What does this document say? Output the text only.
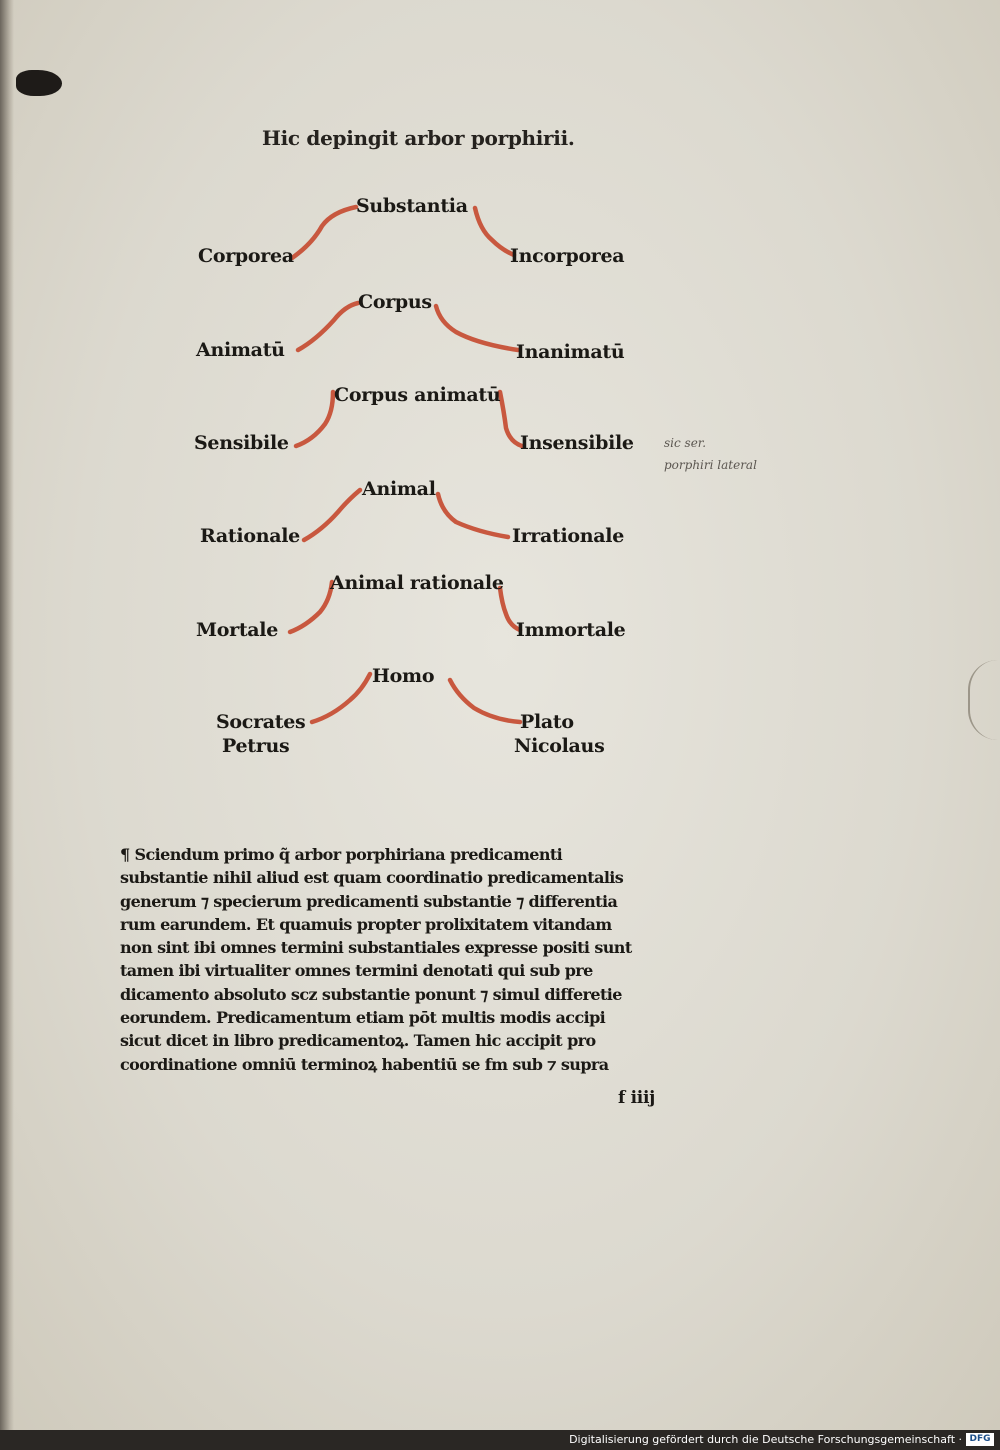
Hic depingit arbor porphirii.
Substantia
Corporea	Incorporea
Corpus
Animatū	Inanimatū
Corpus animatū
Sensibile	Insensibile
Animal
Rationale	Irrationale
Animal rationale
Mortale	Immortale
Homo
Socrates
Petrus
Plato
Nicolaus
sic ser.
porphiri lateral
¶ Sciendum primo q̃ arbor porphiriana predicamenti
substantie nihil aliud est quam coordinatio predicamentalis
generum ⁊ specierum predicamenti substantie ⁊ differentia
rum earundem. Et quamuis propter prolixitatem vitandam
non sint ibi omnes termini substantiales expresse positi sunt
tamen ibi virtualiter omnes termini denotati qui sub pre
dicamento absoluto scz substantie ponunt ⁊ simul differetie
eorundem. Predicamentum etiam pōt multis modis accipi
sicut dicet in libro predicamentoꝝ. Tamen hic accipit pro
coordinatione omniū terminoꝝ habentiū se fm sub ⁊ supra
f iiij
Digitalisierung gefördert durch die Deutsche Forschungsgemeinschaft · DFG
